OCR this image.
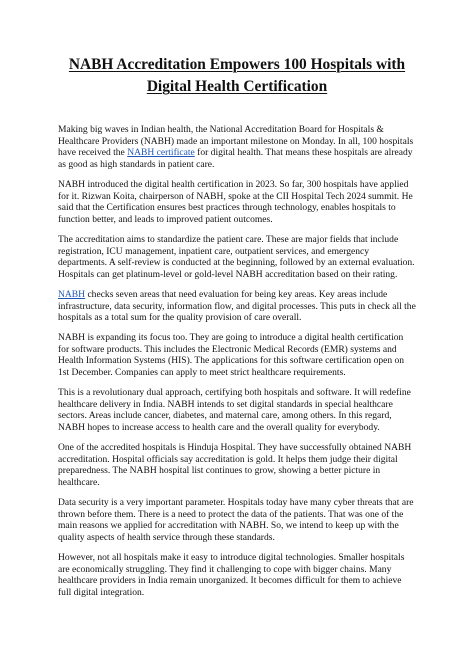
NABH Accreditation Empowers 100 Hospitals with Digital Health Certification

Making big waves in Indian health, the National Accreditation Board for Hospitals & Healthcare Providers (NABH) made an important milestone on Monday. In all, 100 hospitals have received the NABH certificate for digital health. That means these hospitals are already as good as high standards in patient care.

NABH introduced the digital health certification in 2023. So far, 300 hospitals have applied for it. Rizwan Koita, chairperson of NABH, spoke at the CII Hospital Tech 2024 summit. He said that the Certification ensures best practices through technology, enables hospitals to function better, and leads to improved patient outcomes.

The accreditation aims to standardize the patient care. These are major fields that include registration, ICU management, inpatient care, outpatient services, and emergency departments. A self-review is conducted at the beginning, followed by an external evaluation. Hospitals can get platinum-level or gold-level NABH accreditation based on their rating.

NABH checks seven areas that need evaluation for being key areas. Key areas include infrastructure, data security, information flow, and digital processes. This puts in check all the hospitals as a total sum for the quality provision of care overall.

NABH is expanding its focus too. They are going to introduce a digital health certification for software products. This includes the Electronic Medical Records (EMR) systems and Health Information Systems (HIS). The applications for this software certification open on 1st December. Companies can apply to meet strict healthcare requirements.

This is a revolutionary dual approach, certifying both hospitals and software. It will redefine healthcare delivery in India. NABH intends to set digital standards in special healthcare sectors. Areas include cancer, diabetes, and maternal care, among others. In this regard, NABH hopes to increase access to health care and the overall quality for everybody.

One of the accredited hospitals is Hinduja Hospital. They have successfully obtained NABH accreditation. Hospital officials say accreditation is gold. It helps them judge their digital preparedness. The NABH hospital list continues to grow, showing a better picture in healthcare.

Data security is a very important parameter. Hospitals today have many cyber threats that are thrown before them. There is a need to protect the data of the patients. That was one of the main reasons we applied for accreditation with NABH. So, we intend to keep up with the quality aspects of health service through these standards.

However, not all hospitals make it easy to introduce digital technologies. Smaller hospitals are economically struggling. They find it challenging to cope with bigger chains. Many healthcare providers in India remain unorganized. It becomes difficult for them to achieve full digital integration.
